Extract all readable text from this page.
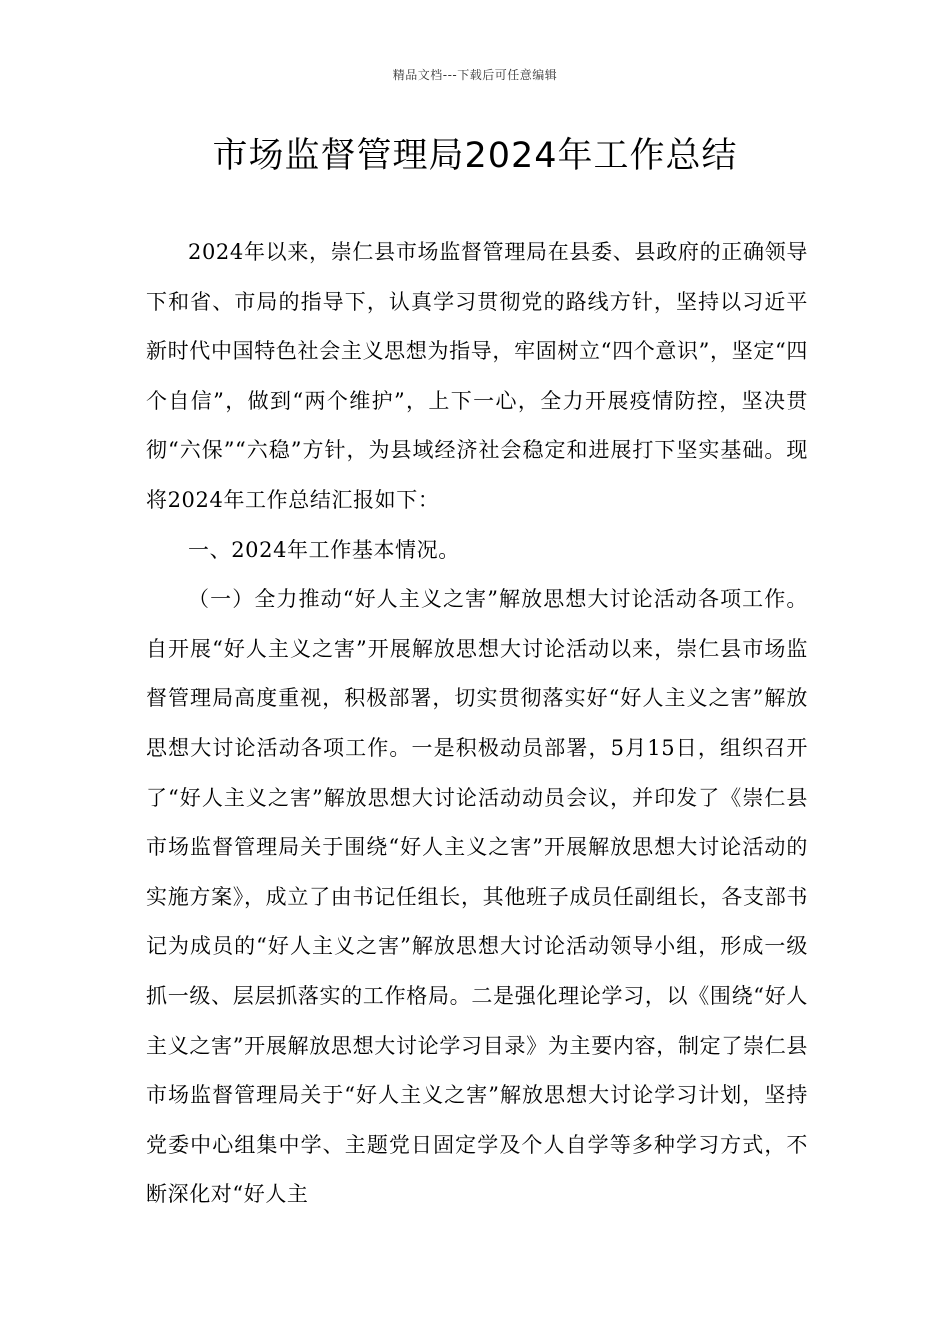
精品文档---下载后可任意编辑
市场监督管理局2024年工作总结

2024年以来，崇仁县市场监督管理局在县委、县政府的正确领导下和省、市局的指导下，认真学习贯彻党的路线方针，坚持以习近平新时代中国特色社会主义思想为指导，牢固树立“四个意识”，坚定“四个自信”，做到“两个维护”，上下一心，全力开展疫情防控，坚决贯彻“六保”“六稳”方针，为县域经济社会稳定和进展打下坚实基础。现将2024年工作总结汇报如下：

一、2024年工作基本情况。

（一）全力推动“好人主义之害”解放思想大讨论活动各项工作。自开展“好人主义之害”开展解放思想大讨论活动以来，崇仁县市场监督管理局高度重视，积极部署，切实贯彻落实好“好人主义之害”解放思想大讨论活动各项工作。一是积极动员部署，5月15日，组织召开了“好人主义之害”解放思想大讨论活动动员会议，并印发了《崇仁县市场监督管理局关于围绕“好人主义之害”开展解放思想大讨论活动的实施方案》，成立了由书记任组长，其他班子成员任副组长，各支部书记为成员的“好人主义之害”解放思想大讨论活动领导小组，形成一级抓一级、层层抓落实的工作格局。二是强化理论学习，以《围绕“好人主义之害”开展解放思想大讨论学习目录》为主要内容，制定了崇仁县市场监督管理局关于“好人主义之害”解放思想大讨论学习计划，坚持党委中心组集中学、主题党日固定学及个人自学等多种学习方式，不断深化对“好人主
